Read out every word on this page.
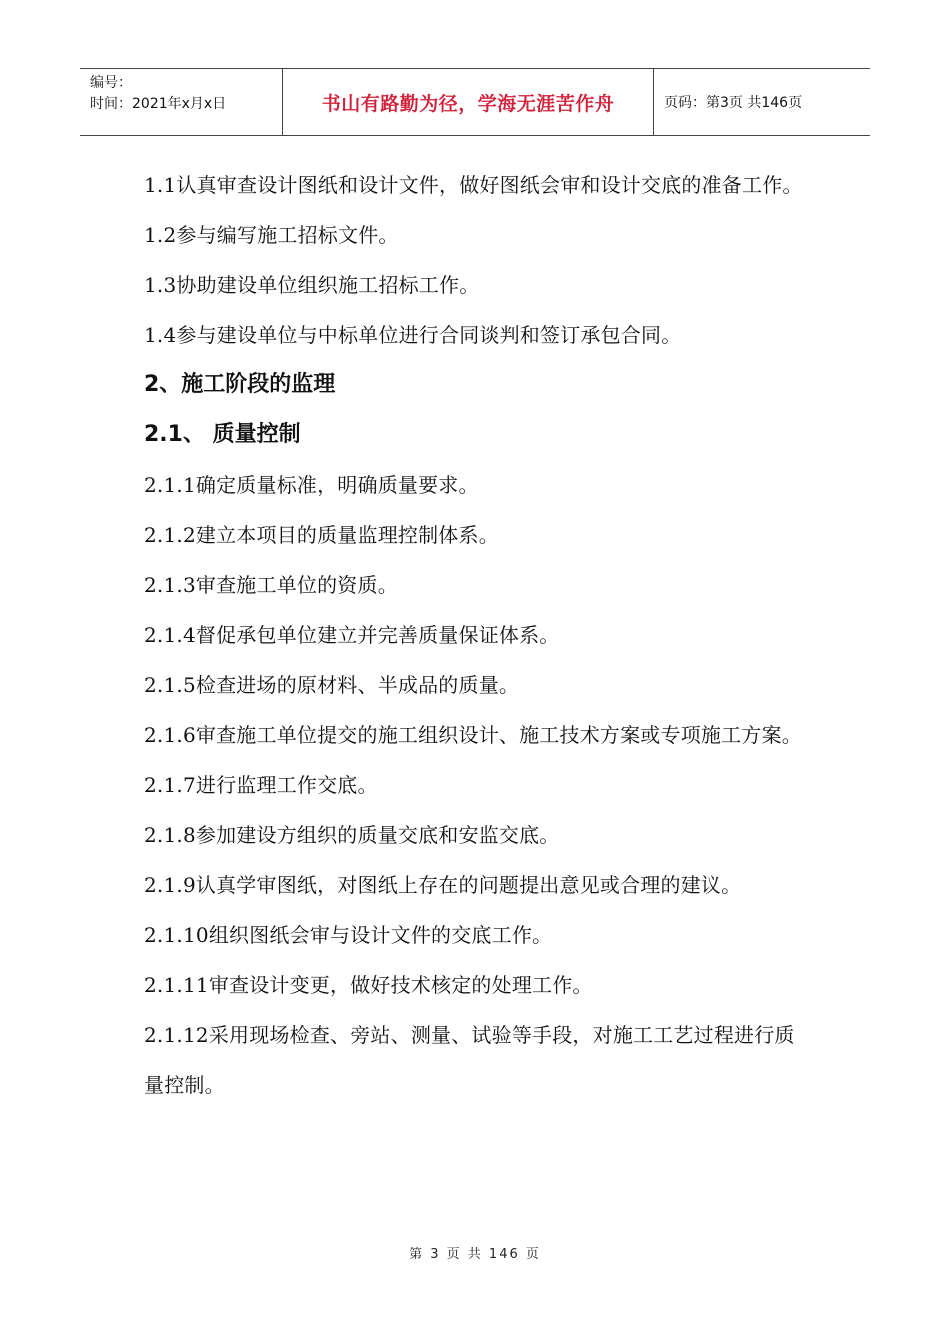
编号：
时间：2021年x月x日	书山有路勤为径，学海无涯苦作舟	页码：第3页 共146页

1.1认真审查设计图纸和设计文件，做好图纸会审和设计交底的准备工作。

1.2参与编写施工招标文件。

1.3协助建设单位组织施工招标工作。

1.4参与建设单位与中标单位进行合同谈判和签订承包合同。

2、施工阶段的监理

2.1、 质量控制

2.1.1确定质量标准，明确质量要求。

2.1.2建立本项目的质量监理控制体系。

2.1.3审查施工单位的资质。

2.1.4督促承包单位建立并完善质量保证体系。

2.1.5检查进场的原材料、半成品的质量。

2.1.6审查施工单位提交的施工组织设计、施工技术方案或专项施工方案。

2.1.7进行监理工作交底。

2.1.8参加建设方组织的质量交底和安监交底。

2.1.9认真学审图纸，对图纸上存在的问题提出意见或合理的建议。

2.1.10组织图纸会审与设计文件的交底工作。

2.1.11审查设计变更，做好技术核定的处理工作。

2.1.12采用现场检查、旁站、测量、试验等手段，对施工工艺过程进行质量控制。

第 3 页 共 146 页
